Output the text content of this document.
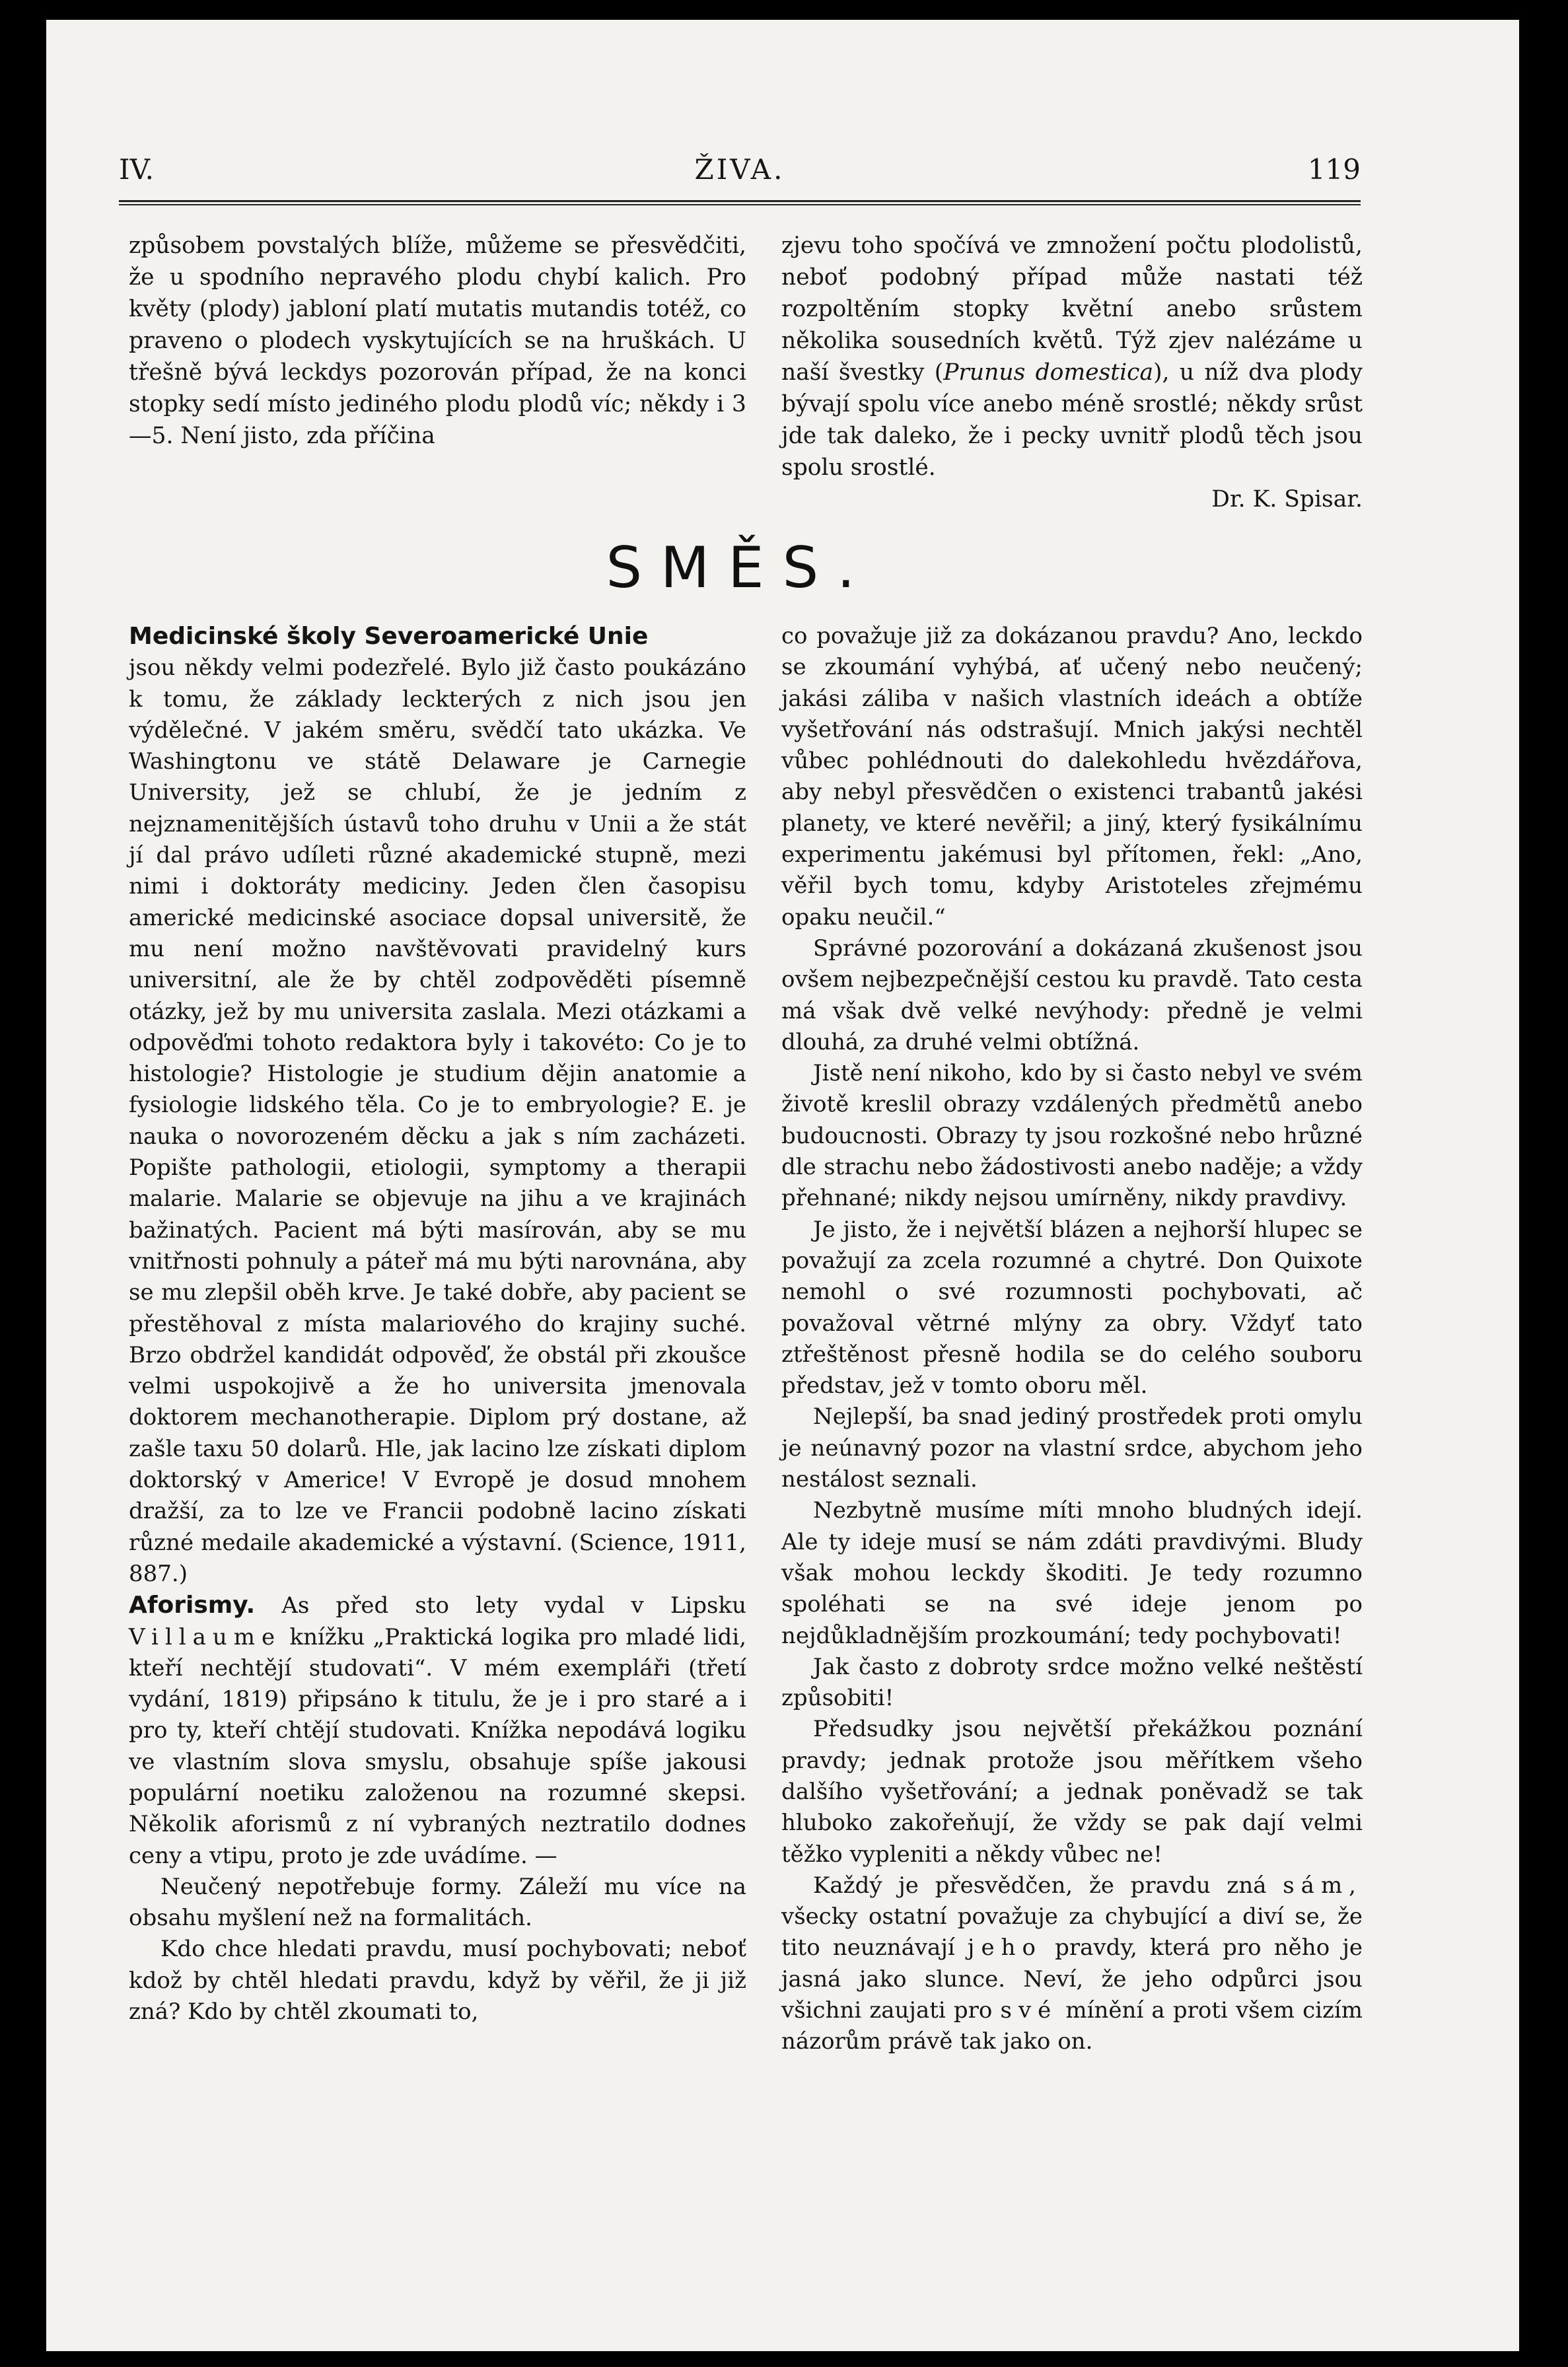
IV.	ŽIVA.	119

způsobem povstalých blíže, můžeme se přesvědčiti, že u spodního nepravého plodu chybí kalich. Pro květy (plody) jabloní platí mutatis mutandis totéž, co praveno o plodech vyskytujících se na hruškách. U třešně bývá leckdys pozorován případ, že na konci stopky sedí místo jediného plodu plodů víc; někdy i 3—5. Není jisto, zda příčina

zjevu toho spočívá ve zmnožení počtu plodolistů, neboť podobný případ může nastati též rozpoltěním stopky květní anebo srůstem několika sousedních květů. Týž zjev nalézáme u naší švestky (Prunus domestica), u níž dva plody bývají spolu více anebo méně srostlé; někdy srůst jde tak daleko, že i pecky uvnitř plodů těch jsou spolu srostlé.

Dr. K. Spisar.

SMĚS.

Medicinské školy Severoamerické Unie
jsou někdy velmi podezřelé. Bylo již často poukázáno k tomu, že základy leckterých z nich jsou jen výdělečné. V jakém směru, svědčí tato ukázka. Ve Washingtonu ve státě Delaware je Carnegie University, jež se chlubí, že je jedním z nejznamenitějších ústavů toho druhu v Unii a že stát jí dal právo udíleti různé akademické stupně, mezi nimi i doktoráty mediciny. Jeden člen časopisu americké medicinské asociace dopsal universitě, že mu není možno navštěvovati pravidelný kurs universitní, ale že by chtěl zodpověděti písemně otázky, jež by mu universita zaslala. Mezi otázkami a odpověďmi tohoto redaktora byly i takovéto: Co je to histologie? Histologie je studium dějin anatomie a fysiologie lidského těla. Co je to embryologie? E. je nauka o novorozeném děcku a jak s ním zacházeti. Popište pathologii, etiologii, symptomy a therapii malarie. Malarie se objevuje na jihu a ve krajinách bažinatých. Pacient má býti masírován, aby se mu vnitřnosti pohnuly a páteř má mu býti narovnána, aby se mu zlepšil oběh krve. Je také dobře, aby pacient se přestěhoval z místa malariového do krajiny suché. Brzo obdržel kandidát odpověď, že obstál při zkoušce velmi uspokojivě a že ho universita jmenovala doktorem mechanotherapie. Diplom prý dostane, až zašle taxu 50 dolarů. Hle, jak lacino lze získati diplom doktorský v Americe! V Evropě je dosud mnohem dražší, za to lze ve Francii podobně lacino získati různé medaile akademické a výstavní. (Science, 1911, 887.)

Aforismy. As před sto lety vydal v Lipsku Villaume knížku „Praktická logika pro mladé lidi, kteří nechtějí studovati“. V mém exempláři (třetí vydání, 1819) připsáno k titulu, že je i pro staré a i pro ty, kteří chtějí studovati. Knížka nepodává logiku ve vlastním slova smyslu, obsahuje spíše jakousi populární noetiku založenou na rozumné skepsi. Několik aforismů z ní vybraných neztratilo dodnes ceny a vtipu, proto je zde uvádíme. —

Neučený nepotřebuje formy. Záleží mu více na obsahu myšlení než na formalitách.

Kdo chce hledati pravdu, musí pochybovati; neboť kdož by chtěl hledati pravdu, když by věřil, že ji již zná? Kdo by chtěl zkoumati to,

co považuje již za dokázanou pravdu? Ano, leckdo se zkoumání vyhýbá, ať učený nebo neučený; jakási záliba v našich vlastních ideách a obtíže vyšetřování nás odstrašují. Mnich jakýsi nechtěl vůbec pohlédnouti do dalekohledu hvězdářova, aby nebyl přesvědčen o existenci trabantů jakési planety, ve které nevěřil; a jiný, který fysikálnímu experimentu jakémusi byl přítomen, řekl: „Ano, věřil bych tomu, kdyby Aristoteles zřejmému opaku neučil.“

Správné pozorování a dokázaná zkušenost jsou ovšem nejbezpečnější cestou ku pravdě. Tato cesta má však dvě velké nevýhody: předně je velmi dlouhá, za druhé velmi obtížná.

Jistě není nikoho, kdo by si často nebyl ve svém životě kreslil obrazy vzdálených předmětů anebo budoucnosti. Obrazy ty jsou rozkošné nebo hrůzné dle strachu nebo žádostivosti anebo naděje; a vždy přehnané; nikdy nejsou umírněny, nikdy pravdivy.

Je jisto, že i největší blázen a nejhorší hlupec se považují za zcela rozumné a chytré. Don Quixote nemohl o své rozumnosti pochybovati, ač považoval větrné mlýny za obry. Vždyť tato ztřeštěnost přesně hodila se do celého souboru představ, jež v tomto oboru měl.

Nejlepší, ba snad jediný prostředek proti omylu je neúnavný pozor na vlastní srdce, abychom jeho nestálost seznali.

Nezbytně musíme míti mnoho bludných idejí. Ale ty ideje musí se nám zdáti pravdivými. Bludy však mohou leckdy škoditi. Je tedy rozumno spoléhati se na své ideje jenom po nejdůkladnějším prozkoumání; tedy pochybovati!

Jak často z dobroty srdce možno velké neštěstí způsobiti!

Předsudky jsou největší překážkou poznání pravdy; jednak protože jsou měřítkem všeho dalšího vyšetřování; a jednak poněvadž se tak hluboko zakořeňují, že vždy se pak dají velmi těžko vypleniti a někdy vůbec ne!

Každý je přesvědčen, že pravdu zná sám, všecky ostatní považuje za chybující a diví se, že tito neuznávají jeho pravdy, která pro něho je jasná jako slunce. Neví, že jeho odpůrci jsou všichni zaujati pro své mínění a proti všem cizím názorům právě tak jako on.
